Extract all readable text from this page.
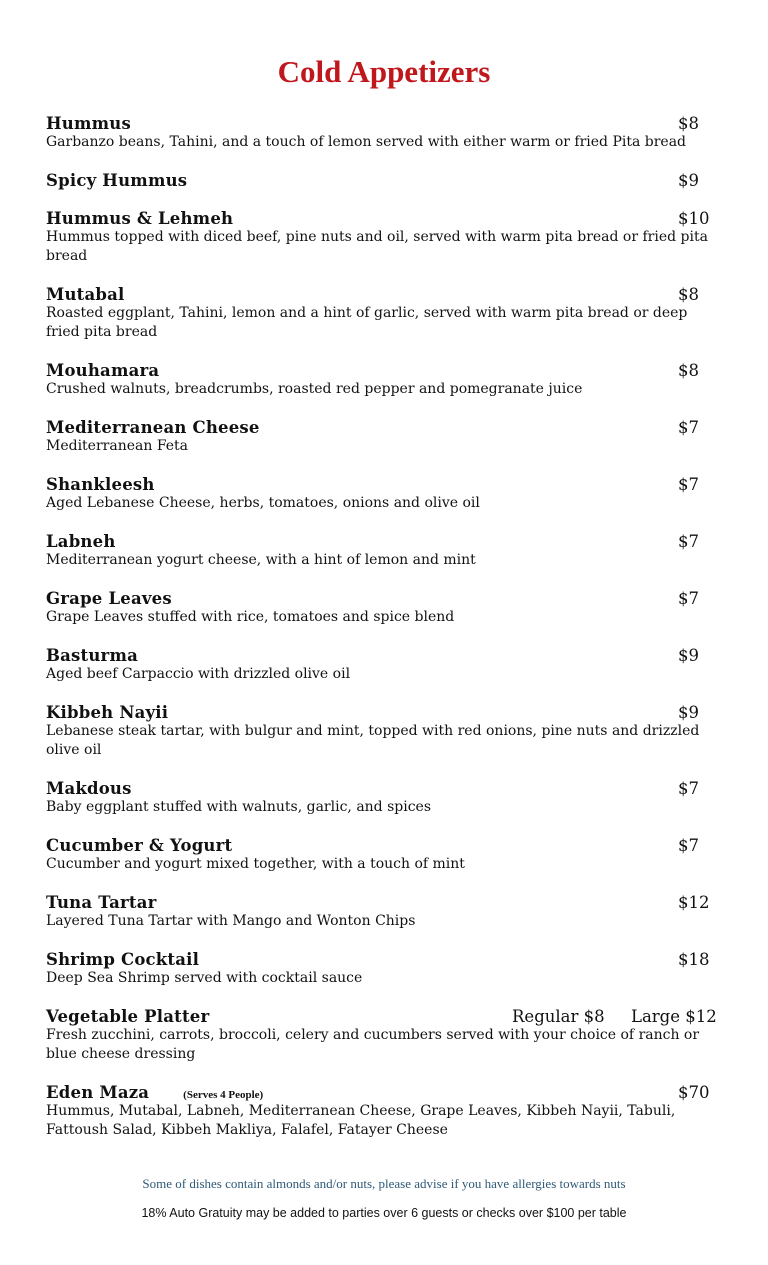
Cold Appetizers
Hummus	$8
Garbanzo beans, Tahini, and a touch of lemon served with either warm or fried Pita bread
Spicy Hummus	$9
Hummus & Lehmeh	$10
Hummus topped with diced beef, pine nuts and oil, served with warm pita bread or fried pita bread
Mutabal	$8
Roasted eggplant, Tahini, lemon and a hint of garlic, served with warm pita bread or deep fried pita bread
Mouhamara	$8
Crushed walnuts, breadcrumbs, roasted red pepper and pomegranate juice
Mediterranean Cheese	$7
Mediterranean Feta
Shankleesh	$7
Aged Lebanese Cheese, herbs, tomatoes, onions and olive oil
Labneh	$7
Mediterranean yogurt cheese, with a hint of lemon and mint
Grape Leaves	$7
Grape Leaves stuffed with rice, tomatoes and spice blend
Basturma	$9
Aged beef Carpaccio with drizzled olive oil
Kibbeh Nayii	$9
Lebanese steak tartar, with bulgur and mint, topped with red onions, pine nuts and drizzled olive oil
Makdous	$7
Baby eggplant stuffed with walnuts, garlic, and spices
Cucumber & Yogurt	$7
Cucumber and yogurt mixed together, with a touch of mint
Tuna Tartar	$12
Layered Tuna Tartar with Mango and Wonton Chips
Shrimp Cocktail	$18
Deep Sea Shrimp served with cocktail sauce
Vegetable Platter	Regular $8 Large $12
Fresh zucchini, carrots, broccoli, celery and cucumbers served with your choice of ranch or blue cheese dressing
Eden Maza	(Serves 4 People)	$70
Hummus, Mutabal, Labneh, Mediterranean Cheese, Grape Leaves, Kibbeh Nayii, Tabuli, Fattoush Salad, Kibbeh Makliya, Falafel, Fatayer Cheese
Some of dishes contain almonds and/or nuts, please advise if you have allergies towards nuts
18% Auto Gratuity may be added to parties over 6 guests or checks over $100 per table
